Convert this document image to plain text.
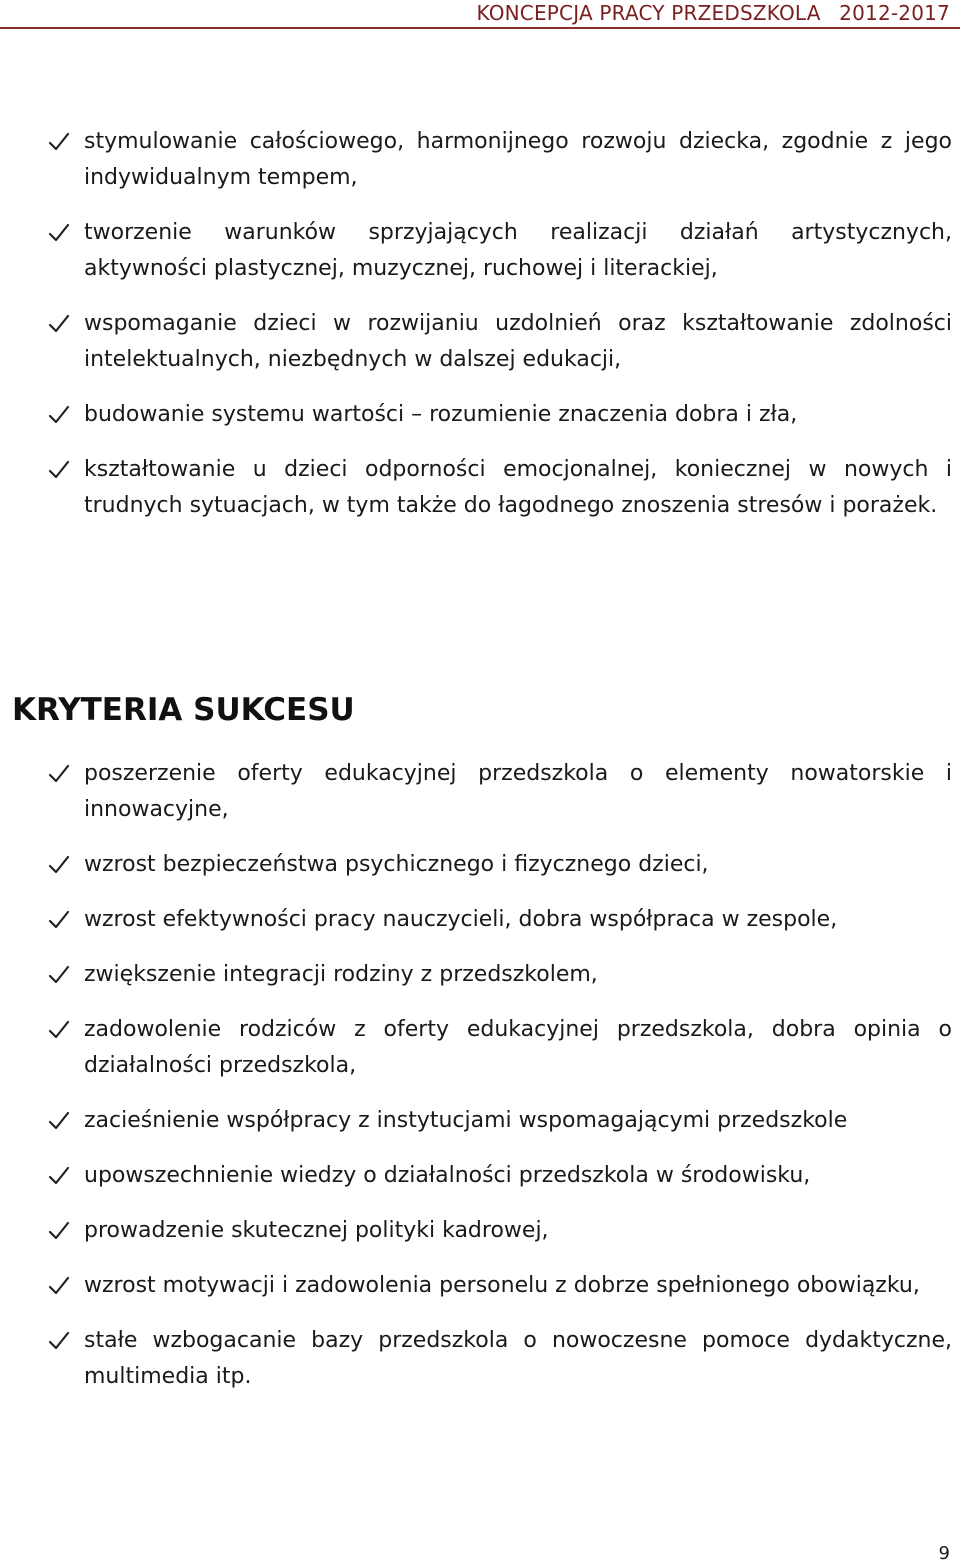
KONCEPCJA PRACY PRZEDSZKOLA 2012-2017
stymulowanie całościowego, harmonijnego rozwoju dziecka, zgodnie z jego indywidualnym tempem,
tworzenie warunków sprzyjających realizacji działań artystycznych, aktywności plastycznej, muzycznej, ruchowej i literackiej,
wspomaganie dzieci w rozwijaniu uzdolnień oraz kształtowanie zdolności intelektualnych, niezbędnych w dalszej edukacji,
budowanie systemu wartości – rozumienie znaczenia dobra i zła,
kształtowanie u dzieci odporności emocjonalnej, koniecznej w nowych i trudnych sytuacjach, w tym także do łagodnego znoszenia stresów i porażek.
KRYTERIA SUKCESU
poszerzenie oferty edukacyjnej przedszkola o elementy nowatorskie i innowacyjne,
wzrost bezpieczeństwa psychicznego i fizycznego dzieci,
wzrost efektywności pracy nauczycieli, dobra współpraca w zespole,
zwiększenie integracji rodziny z przedszkolem,
zadowolenie rodziców z oferty edukacyjnej przedszkola, dobra opinia o działalności przedszkola,
zacieśnienie współpracy z instytucjami wspomagającymi przedszkole
upowszechnienie wiedzy o działalności przedszkola w środowisku,
prowadzenie skutecznej polityki kadrowej,
wzrost motywacji i zadowolenia personelu z dobrze spełnionego obowiązku,
stałe wzbogacanie bazy przedszkola o nowoczesne pomoce dydaktyczne, multimedia itp.
9
